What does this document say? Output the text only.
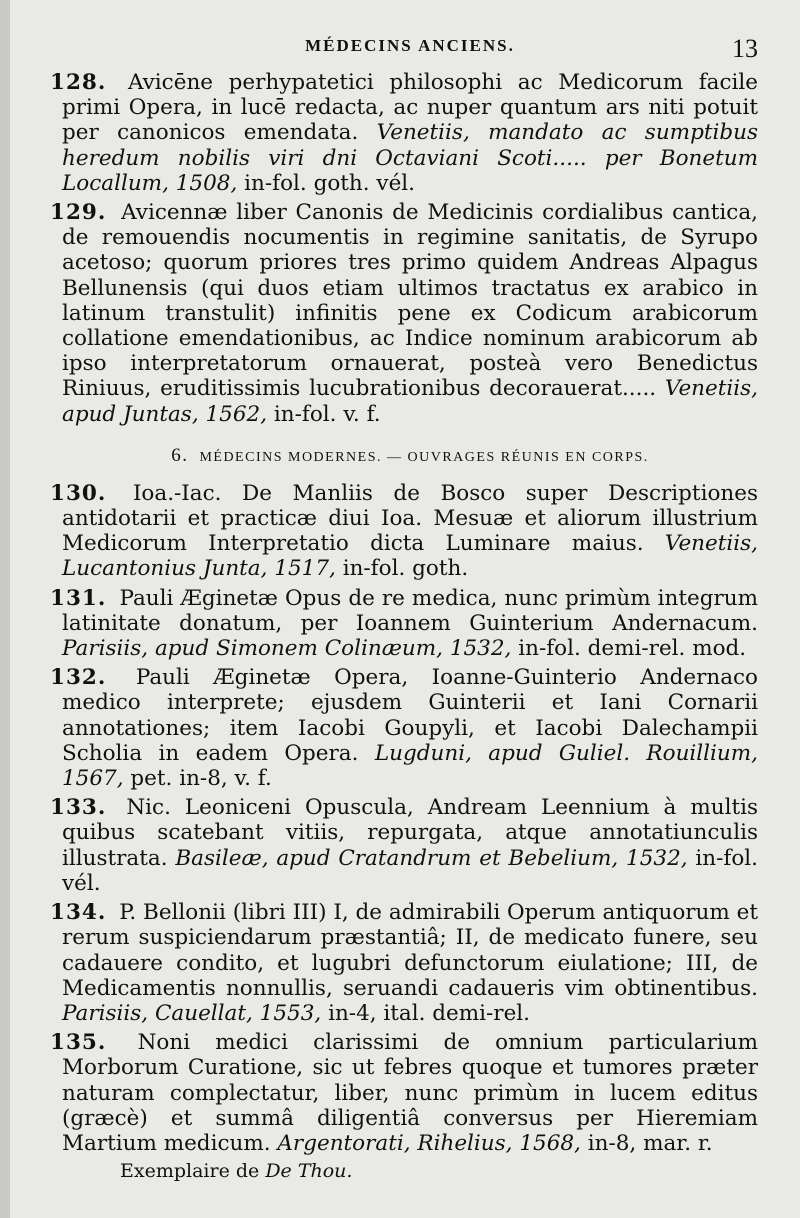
MÉDECINS ANCIENS.	13

128. Avicēne perhypatetici philosophi ac Medicorum facile primi Opera, in lucē redacta, ac nuper quantum ars niti potuit per canonicos emendata. Venetiis, mandato ac sumptibus heredum nobilis viri dni Octaviani Scoti..... per Bonetum Locallum, 1508, in-fol. goth. vél.

129. Avicennæ liber Canonis de Medicinis cordialibus cantica, de remouendis nocumentis in regimine sanitatis, de Syrupo acetoso; quorum priores tres primo quidem Andreas Alpagus Bellunensis (qui duos etiam ultimos tractatus ex arabico in latinum transtulit) infinitis pene ex Codicum arabicorum collatione emendationibus, ac Indice nominum arabicorum ab ipso interpretatorum ornauerat, posteà vero Benedictus Riniuus, eruditissimis lucubrationibus decorauerat..... Venetiis, apud Juntas, 1562, in-fol. v. f.

6. MÉDECINS MODERNES. — OUVRAGES RÉUNIS EN CORPS.

130. Ioa.-Iac. De Manliis de Bosco super Descriptiones antidotarii et practicæ diui Ioa. Mesuæ et aliorum illustrium Medicorum Interpretatio dicta Luminare maius. Venetiis, Lucantonius Junta, 1517, in-fol. goth.

131. Pauli Æginetæ Opus de re medica, nunc primùm integrum latinitate donatum, per Ioannem Guinterium Andernacum. Parisiis, apud Simonem Colinæum, 1532, in-fol. demi-rel. mod.

132. Pauli Æginetæ Opera, Ioanne-Guinterio Andernaco medico interprete; ejusdem Guinterii et Iani Cornarii annotationes; item Iacobi Goupyli, et Iacobi Dalechampii Scholia in eadem Opera. Lugduni, apud Guliel. Rouillium, 1567, pet. in-8, v. f.

133. Nic. Leoniceni Opuscula, Andream Leennium à multis quibus scatebant vitiis, repurgata, atque annotatiunculis illustrata. Basileæ, apud Cratandrum et Bebelium, 1532, in-fol. vél.

134. P. Bellonii (libri III) I, de admirabili Operum antiquorum et rerum suspiciendarum præstantiâ; II, de medicato funere, seu cadauere condito, et lugubri defunctorum eiulatione; III, de Medicamentis nonnullis, seruandi cadaueris vim obtinentibus. Parisiis, Cauellat, 1553, in-4, ital. demi-rel.

135. Noni medici clarissimi de omnium particularium Morborum Curatione, sic ut febres quoque et tumores præter naturam complectatur, liber, nunc primùm in lucem editus (græcè) et summâ diligentiâ conversus per Hieremiam Martium medicum. Argentorati, Rihelius, 1568, in-8, mar. r.

Exemplaire de De Thou.
